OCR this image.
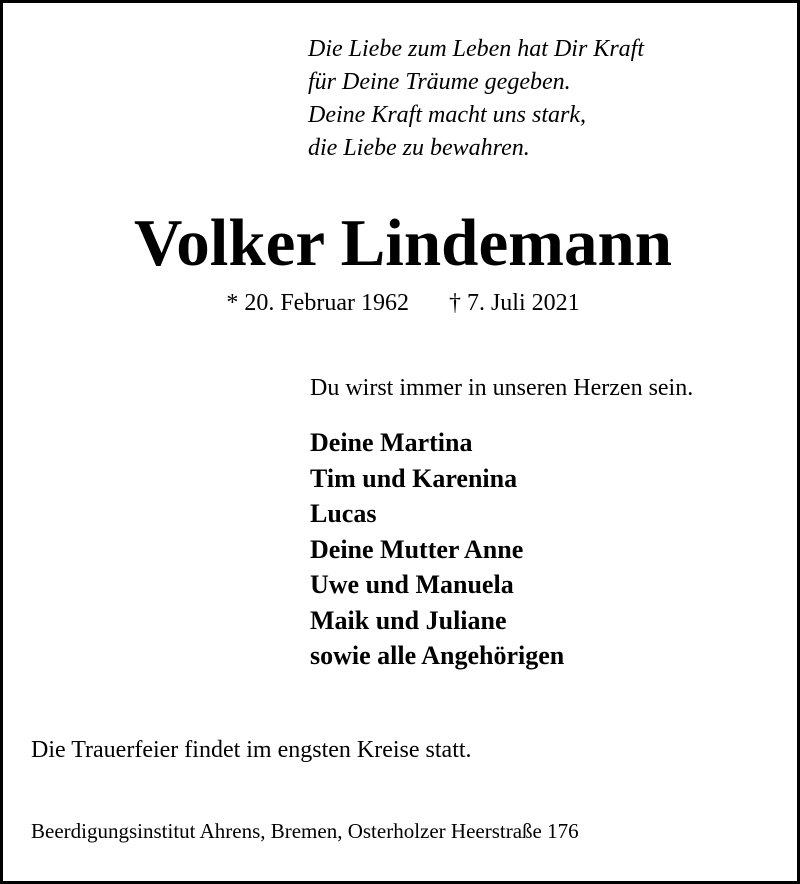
Die Liebe zum Leben hat Dir Kraft
für Deine Träume gegeben.
Deine Kraft macht uns stark,
die Liebe zu bewahren.
Volker Lindemann
* 20. Februar 1962 † 7. Juli 2021
Du wirst immer in unseren Herzen sein.
Deine Martina
Tim und Karenina
Lucas
Deine Mutter Anne
Uwe und Manuela
Maik und Juliane
sowie alle Angehörigen
Die Trauerfeier findet im engsten Kreise statt.
Beerdigungsinstitut Ahrens, Bremen, Osterholzer Heerstraße 176
